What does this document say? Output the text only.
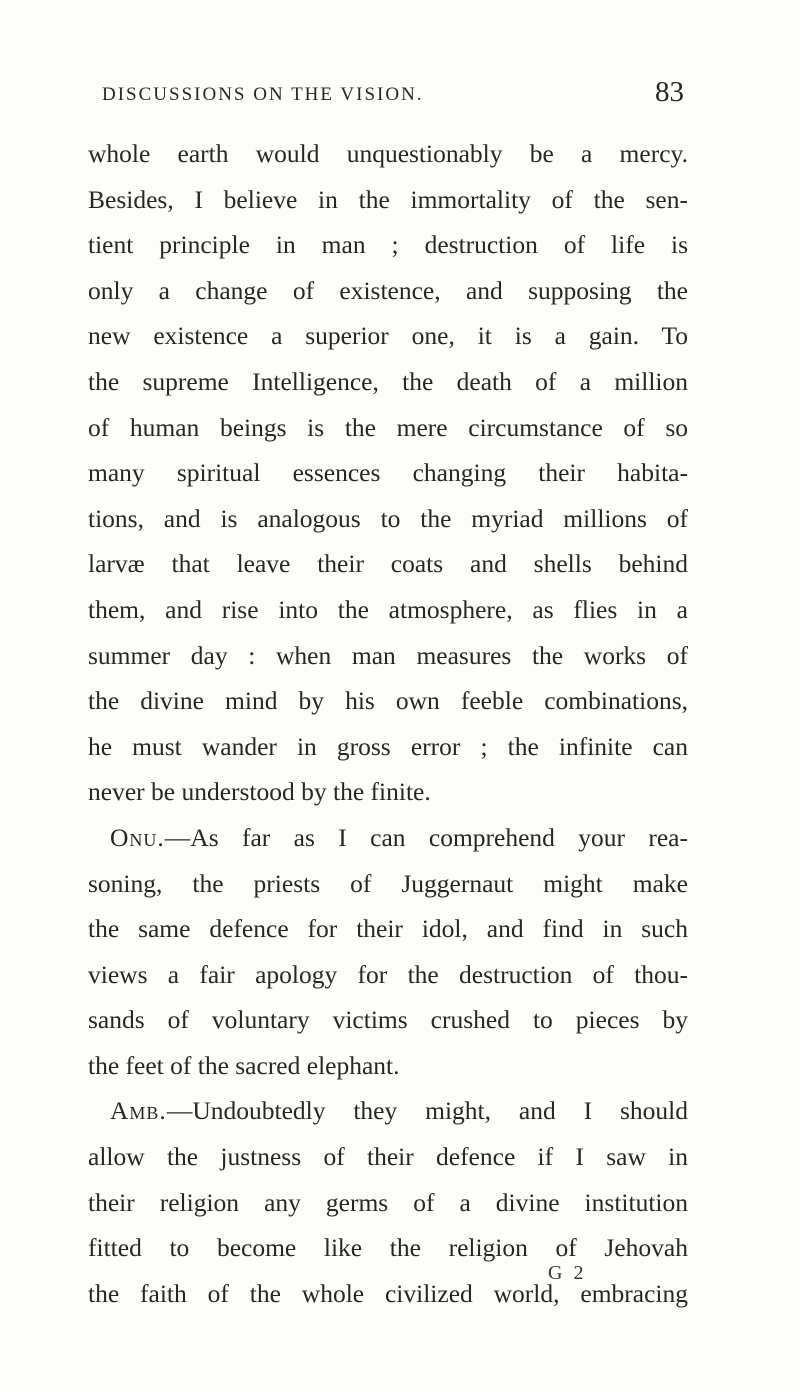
DISCUSSIONS ON THE VISION.	83
whole earth would unquestionably be a mercy.
Besides, I believe in the immortality of the sen-
tient principle in man ; destruction of life is
only a change of existence, and supposing the
new existence a superior one, it is a gain. To
the supreme Intelligence, the death of a million
of human beings is the mere circumstance of so
many spiritual essences changing their habita-
tions, and is analogous to the myriad millions of
larvæ that leave their coats and shells behind
them, and rise into the atmosphere, as flies in a
summer day : when man measures the works of
the divine mind by his own feeble combinations,
he must wander in gross error ; the infinite can
never be understood by the finite.
Onu.—As far as I can comprehend your rea-
soning, the priests of Juggernaut might make
the same defence for their idol, and find in such
views a fair apology for the destruction of thou-
sands of voluntary victims crushed to pieces by
the feet of the sacred elephant.
Amb.—Undoubtedly they might, and I should
allow the justness of their defence if I saw in
their religion any germs of a divine institution
fitted to become like the religion of Jehovah
the faith of the whole civilized world, embracing
G 2
